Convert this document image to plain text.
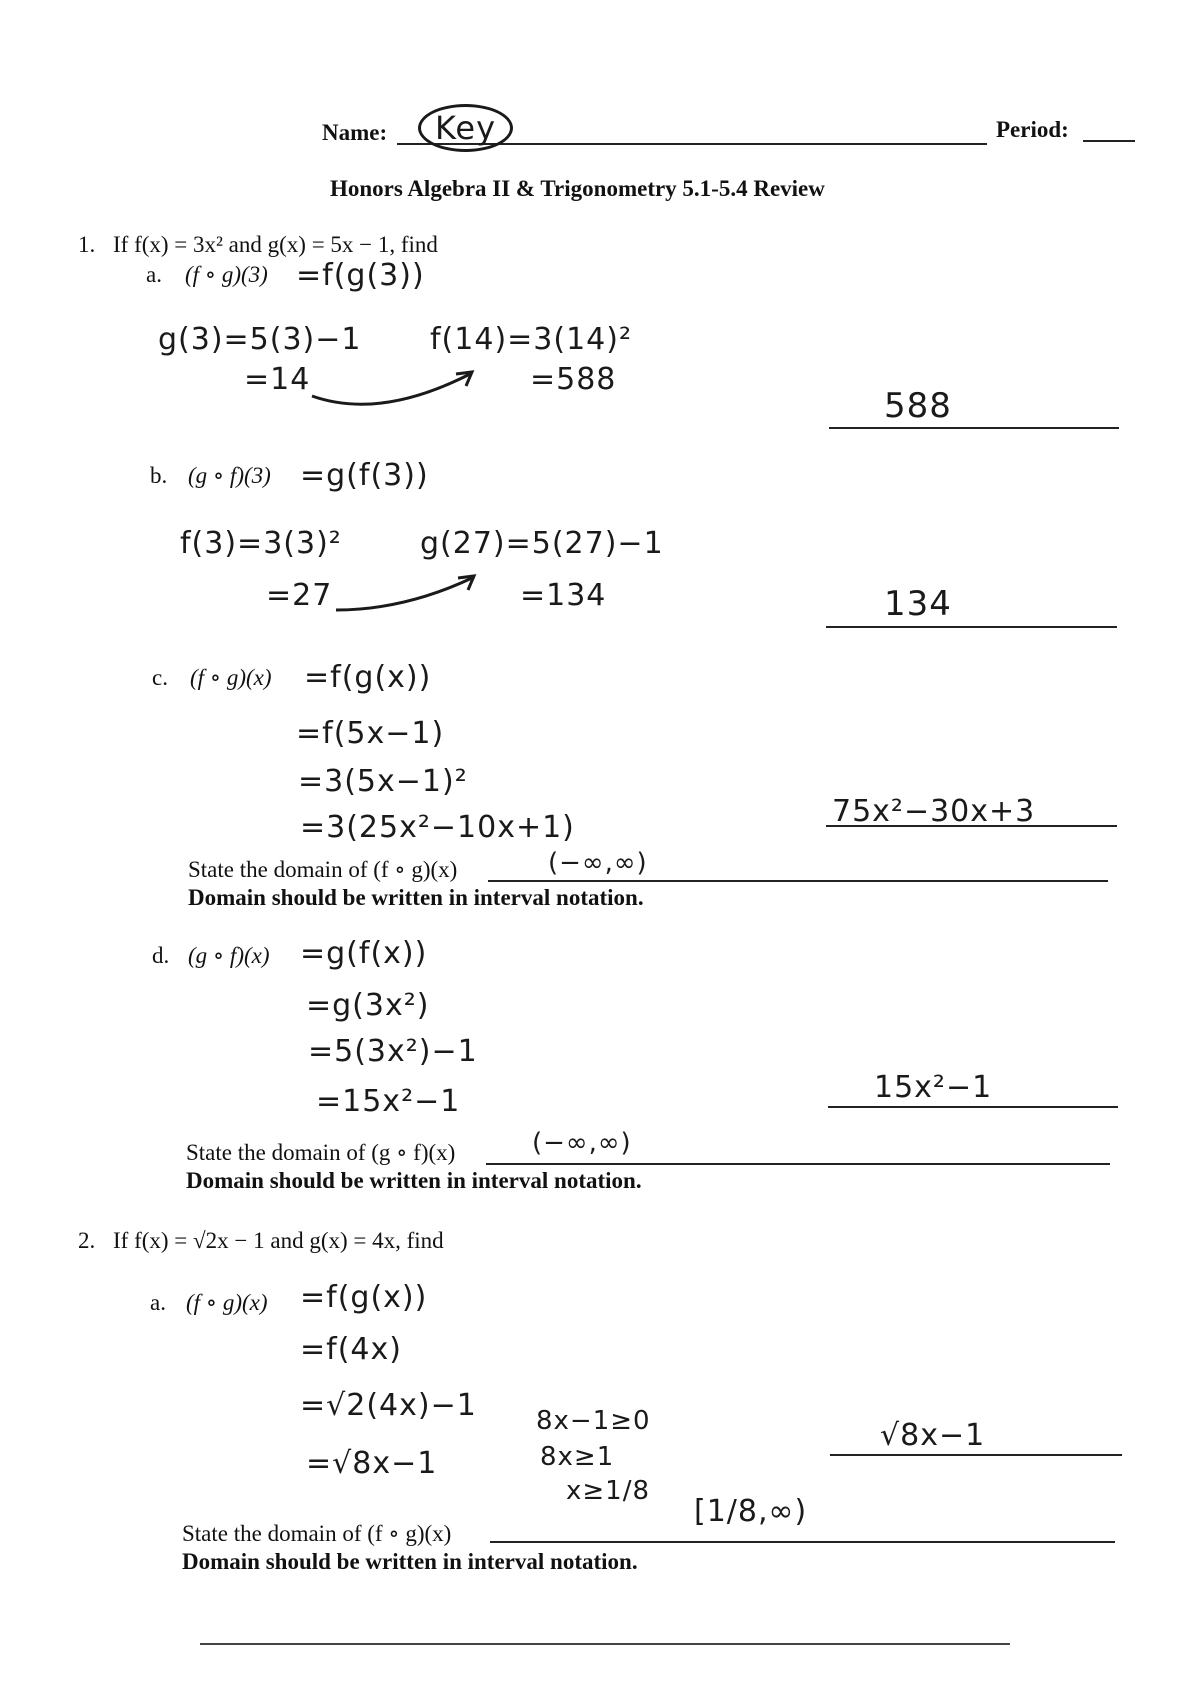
Name:	Key	Period:
Honors Algebra II & Trigonometry 5.1-5.4 Review
1. If f(x) = 3x² and g(x) = 5x − 1, find
a. (f ∘ g)(3) =f(g(3))
g(3)=5(3)−1 f(14)=3(14)²
=14	=588
588
b. (g ∘ f)(3) =g(f(3))
f(3)=3(3)²	g(27)=5(27)−1
=27	=134	134
c. (f ∘ g)(x) =f(g(x))
=f(5x−1)
=3(5x−1)²
=3(25x²−10x+1)	75x²−30x+3
State the domain of (f ∘ g)(x)	(−∞,∞)
Domain should be written in interval notation.
d. (g ∘ f)(x) =g(f(x))
=g(3x²)
=5(3x²)−1
=15x²−1	15x²−1
State the domain of (g ∘ f)(x)	(−∞,∞)
Domain should be written in interval notation.
2. If f(x) = √2x − 1 and g(x) = 4x, find
a. (f ∘ g)(x) =f(g(x))
=f(4x)
=√2(4x)−1
=√8x−1
8x−1≥0
8x≥1
x≥1/8
√8x−1
[1/8,∞)
State the domain of (f ∘ g)(x)
Domain should be written in interval notation.
